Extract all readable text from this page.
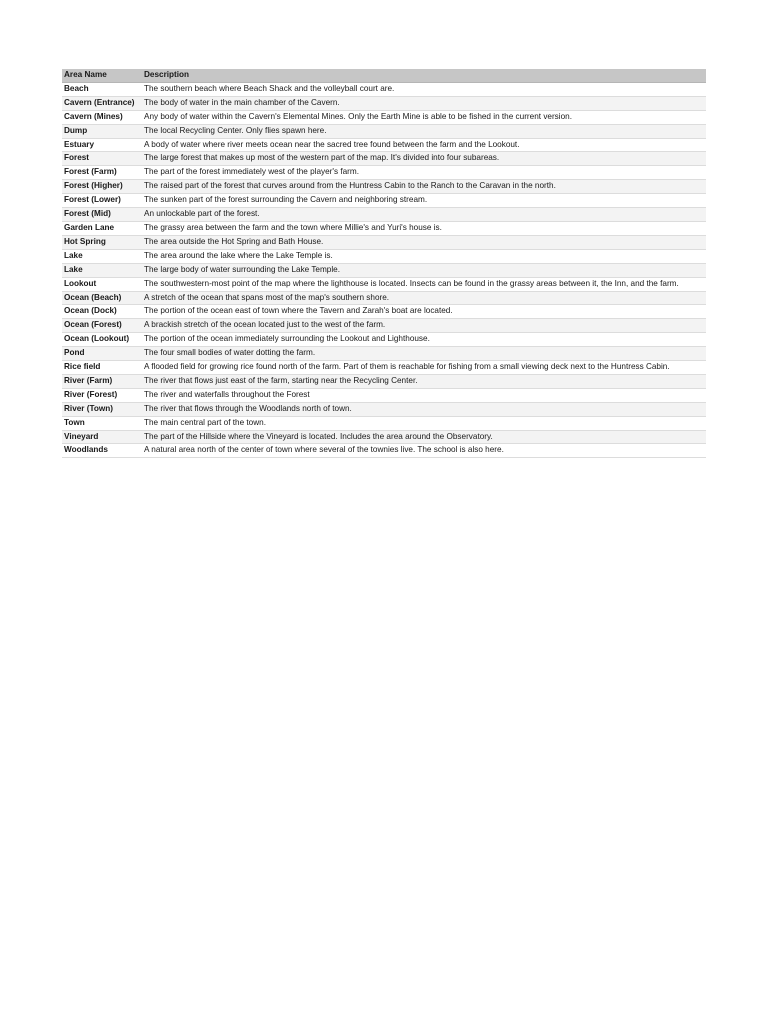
Area Name	Description
Beach	The southern beach where Beach Shack and the volleyball court are.
Cavern (Entrance)	The body of water in the main chamber of the Cavern.
Cavern (Mines)	Any body of water within the Cavern's Elemental Mines. Only the Earth Mine is able to be fished in the current version.
Dump	The local Recycling Center. Only flies spawn here.
Estuary	A body of water where river meets ocean near the sacred tree found between the farm and the Lookout.
Forest	The large forest that makes up most of the western part of the map. It's divided into four subareas.
Forest (Farm)	The part of the forest immediately west of the player's farm.
Forest (Higher)	The raised part of the forest that curves around from the Huntress Cabin to the Ranch to the Caravan in the north.
Forest (Lower)	The sunken part of the forest surrounding the Cavern and neighboring stream.
Forest (Mid)	An unlockable part of the forest.
Garden Lane	The grassy area between the farm and the town where Millie's and Yuri's house is.
Hot Spring	The area outside the Hot Spring and Bath House.
Lake	The area around the lake where the Lake Temple is.
Lake	The large body of water surrounding the Lake Temple.
Lookout	The southwestern-most point of the map where the lighthouse is located. Insects can be found in the grassy areas between it, the Inn, and the farm.
Ocean (Beach)	A stretch of the ocean that spans most of the map's southern shore.
Ocean (Dock)	The portion of the ocean east of town where the Tavern and Zarah's boat are located.
Ocean (Forest)	A brackish stretch of the ocean located just to the west of the farm.
Ocean (Lookout)	The portion of the ocean immediately surrounding the Lookout and Lighthouse.
Pond	The four small bodies of water dotting the farm.
Rice field	A flooded field for growing rice found north of the farm. Part of them is reachable for fishing from a small viewing deck next to the Huntress Cabin.
River (Farm)	The river that flows just east of the farm, starting near the Recycling Center.
River (Forest)	The river and waterfalls throughout the Forest
River (Town)	The river that flows through the Woodlands north of town.
Town	The main central part of the town.
Vineyard	The part of the Hillside where the Vineyard is located. Includes the area around the Observatory.
Woodlands	A natural area north of the center of town where several of the townies live. The school is also here.
